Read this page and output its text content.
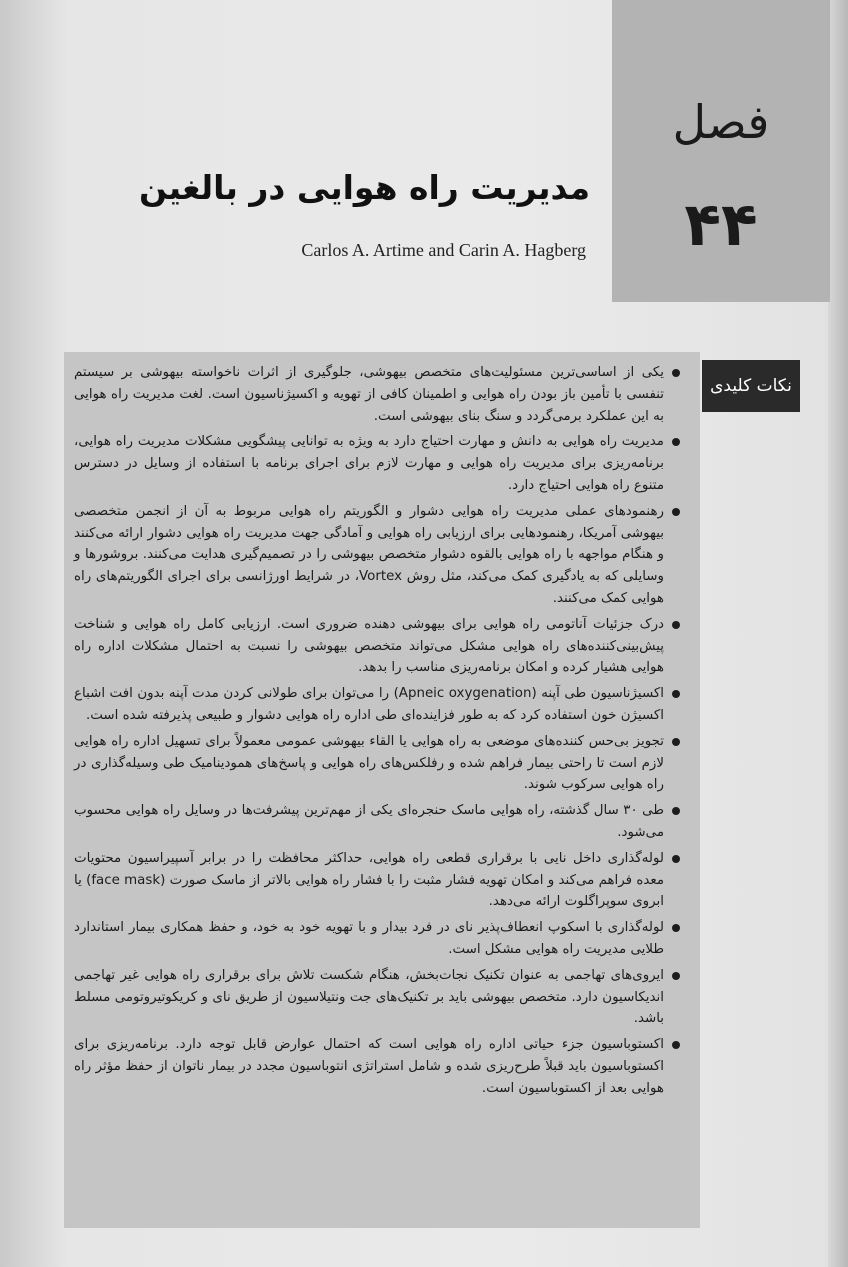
فصل
۴۴
مدیریت راه هوایی در بالغین
Carlos A. Artime and Carin A. Hagberg
نکات کلیدی
یکی از اساسی‌ترین مسئولیت‌های متخصص بیهوشی، جلوگیری از اثرات ناخواسته بیهوشی بر سیستم تنفسی با تأمین باز بودن راه هوایی و اطمینان کافی از تهویه و اکسیژناسیون است. لغت مدیریت راه هوایی به این عملکرد برمی‌گردد و سنگ بنای بیهوشی است.
مدیریت راه هوایی به دانش و مهارت احتیاج دارد به ویژه به توانایی پیشگویی مشکلات مدیریت راه هوایی، برنامه‌ریزی برای مدیریت راه هوایی و مهارت لازم برای اجرای برنامه با استفاده از وسایل در دسترس متنوع راه هوایی احتیاج دارد.
رهنمودهای عملی مدیریت راه هوایی دشوار و الگوریتم راه هوایی مربوط به آن از انجمن متخصصی بیهوشی آمریکا، رهنمودهایی برای ارزیابی راه هوایی و آمادگی جهت مدیریت راه هوایی دشوار ارائه می‌کنند و هنگام مواجهه با راه هوایی بالقوه دشوار متخصص بیهوشی را در تصمیم‌گیری هدایت می‌کنند. بروشورها و وسایلی که به یادگیری کمک می‌کند، مثل روش Vortex، در شرایط اورژانسی برای اجرای الگوریتم‌های راه هوایی کمک می‌کنند.
درک جزئیات آناتومی راه هوایی برای بیهوشی دهنده ضروری است. ارزیابی کامل راه هوایی و شناخت پیش‌بینی‌کننده‌های راه هوایی مشکل می‌تواند متخصص بیهوشی را نسبت به احتمال مشکلات اداره راه هوایی هشیار کرده و امکان برنامه‌ریزی مناسب را بدهد.
اکسیژناسیون طی آپنه (Apneic oxygenation) را می‌توان برای طولانی کردن مدت آپنه بدون افت اشباع اکسیژن خون استفاده کرد که به طور فزاینده‌ای طی اداره راه هوایی دشوار و طبیعی پذیرفته شده است.
تجویز بی‌حس کننده‌های موضعی به راه هوایی یا القاء بیهوشی عمومی معمولاً برای تسهیل اداره راه هوایی لازم است تا راحتی بیمار فراهم شده و رفلکس‌های راه هوایی و پاسخ‌های همودینامیک طی وسیله‌گذاری در راه هوایی سرکوب شوند.
طی ۳۰ سال گذشته، راه هوایی ماسک حنجره‌ای یکی از مهم‌ترین پیشرفت‌ها در وسایل راه هوایی محسوب می‌شود.
لوله‌گذاری داخل نایی با برقراری قطعی راه هوایی، حداکثر محافظت را در برابر آسپیراسیون محتویات معده فراهم می‌کند و امکان تهویه فشار مثبت را با فشار راه هوایی بالاتر از ماسک صورت (face mask) یا ابروی سوپراگلوت ارائه می‌دهد.
لوله‌گذاری با اسکوپ انعطاف‌پذیر نای در فرد بیدار و با تهویه خود به خود، و حفظ همکاری بیمار استاندارد طلایی مدیریت راه هوایی مشکل است.
ایروی‌های تهاجمی به عنوان تکنیک نجات‌بخش، هنگام شکست تلاش برای برقراری راه هوایی غیر تهاجمی اندیکاسیون دارد. متخصص بیهوشی باید بر تکنیک‌های جت ونتیلاسیون از طریق نای و کریکوتیروتومی مسلط باشد.
اکستوباسیون جزء حیاتی اداره راه هوایی است که احتمال عوارض قابل توجه دارد. برنامه‌ریزی برای اکستوباسیون باید قبلاً طرح‌ریزی شده و شامل استراتژی انتوباسیون مجدد در بیمار ناتوان از حفظ مؤثر راه هوایی بعد از اکستوباسیون است.
